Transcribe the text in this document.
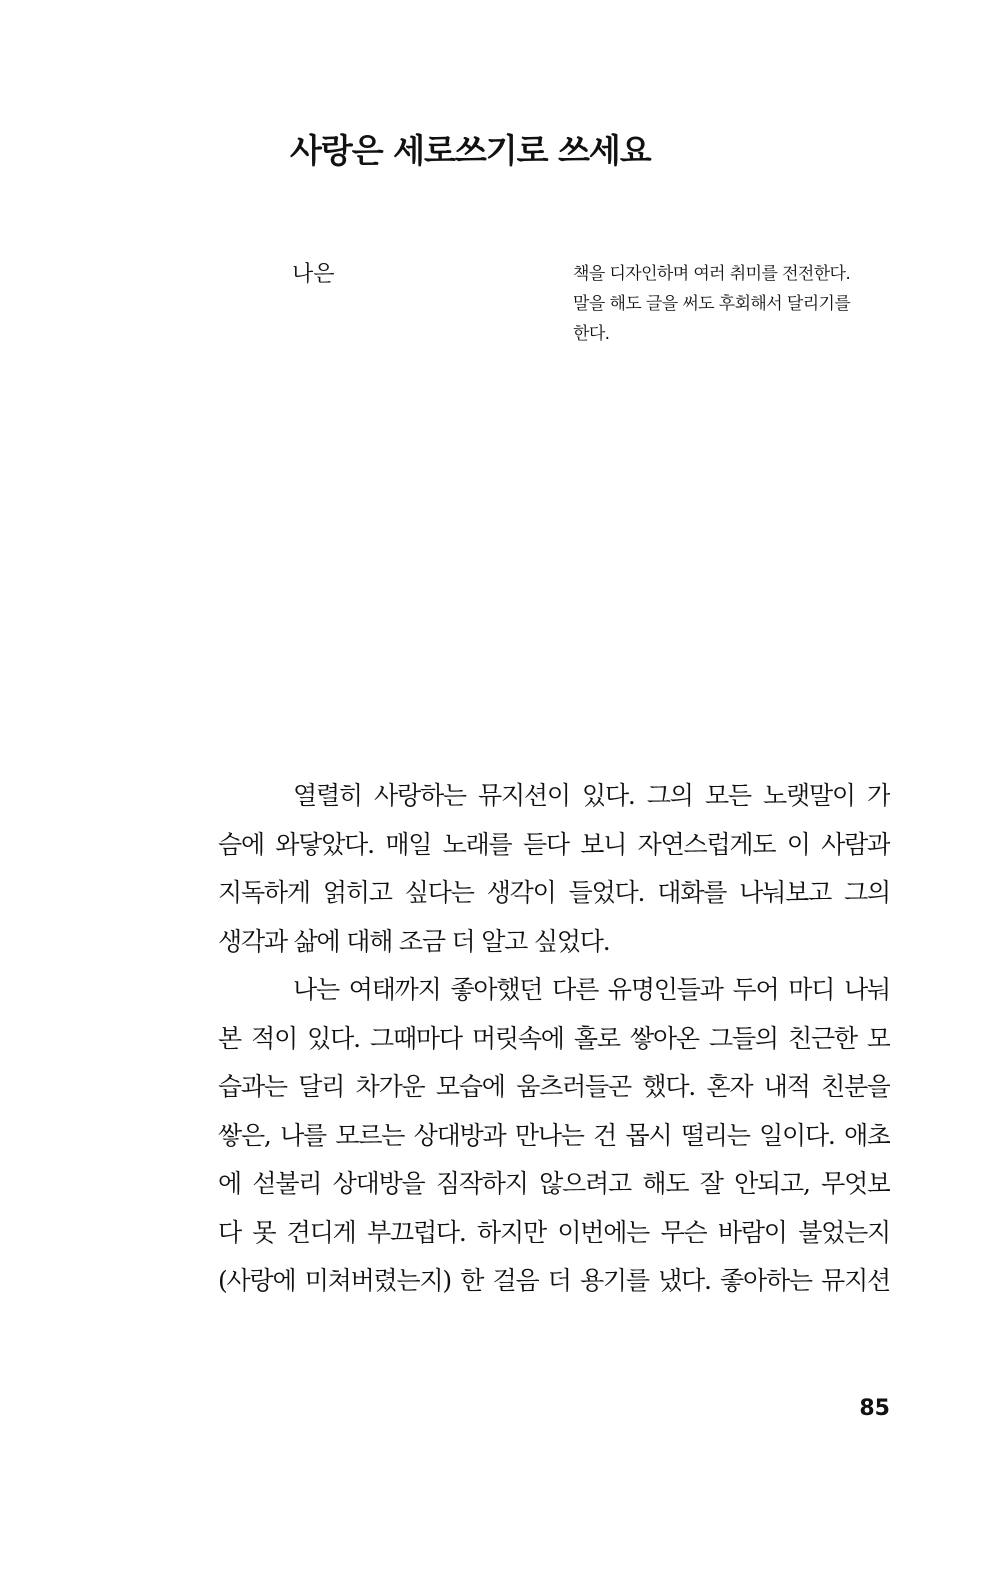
사랑은 세로쓰기로 쓰세요
나은	책을 디자인하며 여러 취미를 전전한다.
말을 해도 글을 써도 후회해서 달리기를
한다.
열렬히 사랑하는 뮤지션이 있다. 그의 모든 노랫말이 가
슴에 와닿았다. 매일 노래를 듣다 보니 자연스럽게도 이 사람과
지독하게 얽히고 싶다는 생각이 들었다. 대화를 나눠보고 그의
생각과 삶에 대해 조금 더 알고 싶었다.
나는 여태까지 좋아했던 다른 유명인들과 두어 마디 나눠
본 적이 있다. 그때마다 머릿속에 홀로 쌓아온 그들의 친근한 모
습과는 달리 차가운 모습에 움츠러들곤 했다. 혼자 내적 친분을
쌓은, 나를 모르는 상대방과 만나는 건 몹시 떨리는 일이다. 애초
에 섣불리 상대방을 짐작하지 않으려고 해도 잘 안되고, 무엇보
다 못 견디게 부끄럽다. 하지만 이번에는 무슨 바람이 불었는지
(사랑에 미쳐버렸는지) 한 걸음 더 용기를 냈다. 좋아하는 뮤지션
85
